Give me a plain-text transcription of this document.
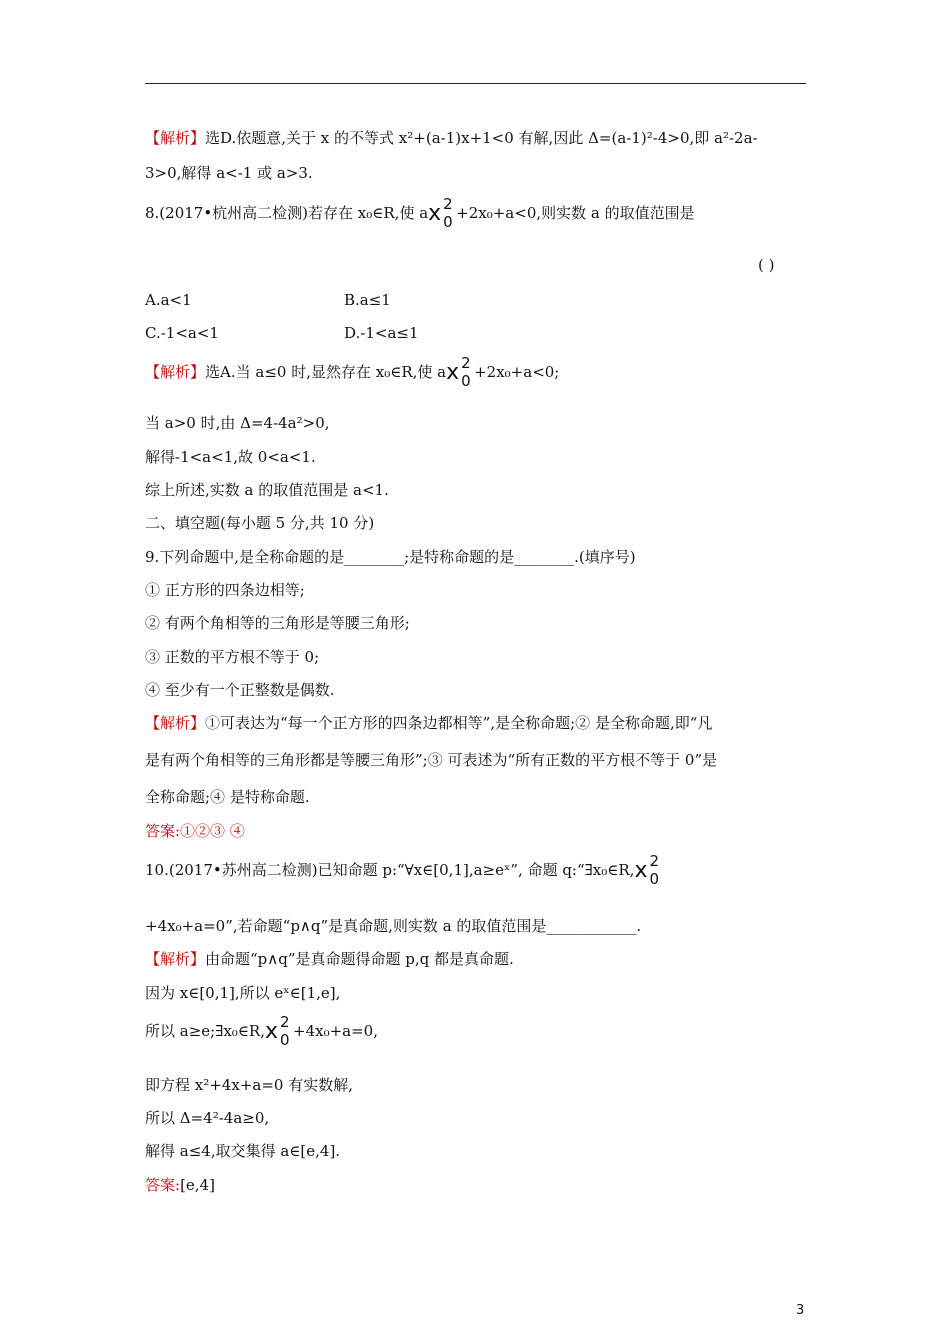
【解析】选D.依题意,关于 x 的不等式 x²+(a-1)x+1<0 有解,因此 Δ=(a-1)²-4>0,即 a²-2a-
3>0,解得 a<-1 或 a>3.
8.(2017•杭州高二检测)若存在 x₀∈R,使 a x 2
0 +2x₀+a<0,则实数 a 的取值范围是
( )
A.a<1	B.a≤1
C.-1<a<1	D.-1<a≤1
【解析】选A.当 a≤0 时,显然存在 x₀∈R,使 a x 2
0 +2x₀+a<0;
当 a>0 时,由 Δ=4-4a²>0,
解得-1<a<1,故 0<a<1.
综上所述,实数 a 的取值范围是 a<1.
二、填空题(每小题 5 分,共 10 分)
9.下列命题中,是全称命题的是________;是特称命题的是________.(填序号)
① 正方形的四条边相等;
② 有两个角相等的三角形是等腰三角形;
③ 正数的平方根不等于 0;
④ 至少有一个正整数是偶数.
【解析】①可表达为“每一个正方形的四条边都相等”,是全称命题;② 是全称命题,即“凡
是有两个角相等的三角形都是等腰三角形”;③ 可表述为“所有正数的平方根不等于 0”是
全称命题;④ 是特称命题.
答案:①②③ ④
10.(2017•苏州高二检测)已知命题 p:“∀x∈[0,1],a≥eˣ”, 命题 q:“∃x₀∈R, x 2
0
+4x₀+a=0”,若命题“p∧q”是真命题,则实数 a 的取值范围是____________.
【解析】由命题“p∧q”是真命题得命题 p,q 都是真命题.
因为 x∈[0,1],所以 eˣ∈[1,e],
所以 a≥e;∃x₀∈R, x 2
0 +4x₀+a=0,
即方程 x²+4x+a=0 有实数解,
所以 Δ=4²-4a≥0,
解得 a≤4,取交集得 a∈[e,4].
答案:[e,4]
3
